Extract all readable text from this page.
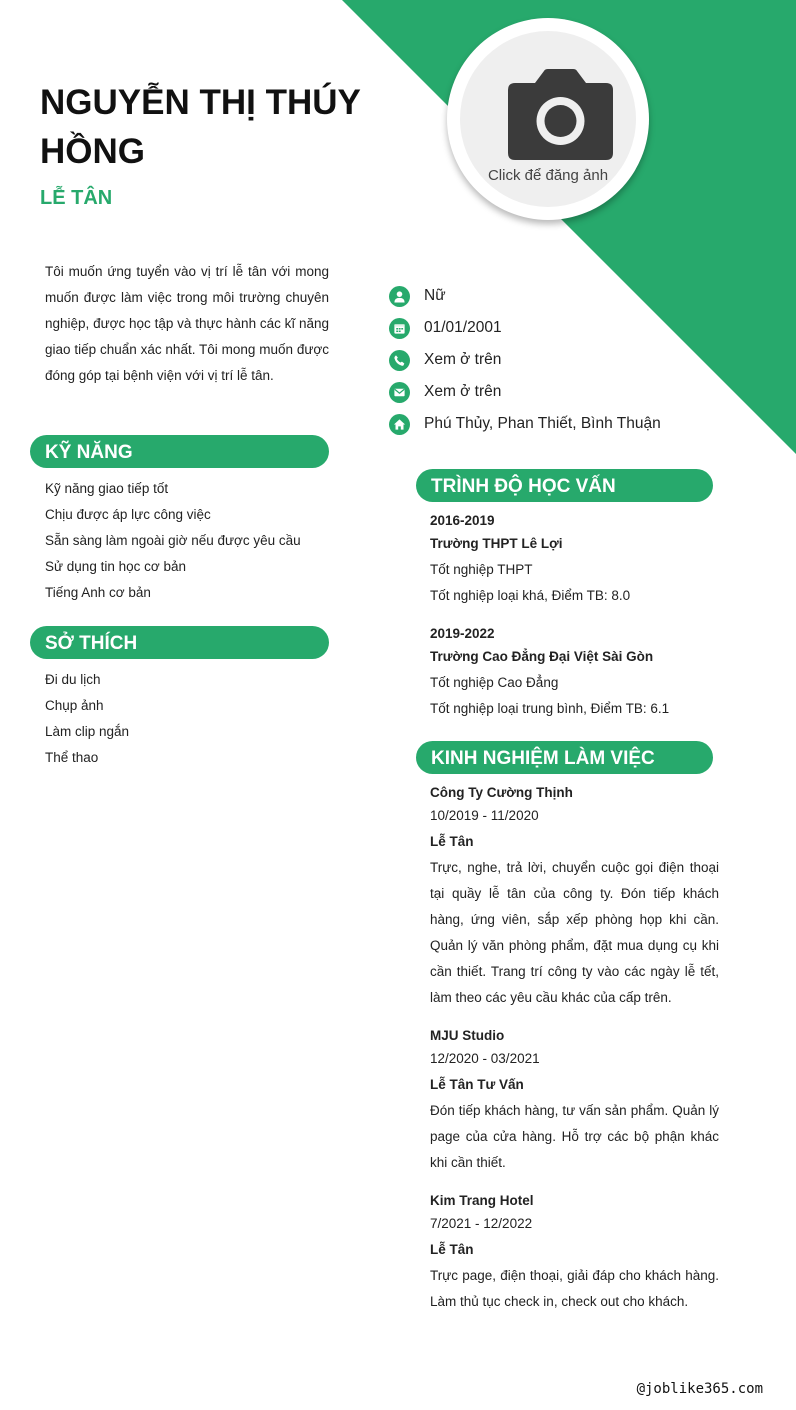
NGUYỄN THỊ THÚY HỒNG
LỄ TÂN
Click để đăng ảnh

Tôi muốn ứng tuyển vào vị trí lễ tân với mong muốn được làm việc trong môi trường chuyên nghiệp, được học tập và thực hành các kĩ năng giao tiếp chuẩn xác nhất. Tôi mong muốn được đóng góp tại bệnh viện với vị trí lễ tân.

Nữ
01/01/2001
Xem ở trên
Xem ở trên
Phú Thủy, Phan Thiết, Bình Thuận
KỸ NĂNG
Kỹ năng giao tiếp tốt
Chịu được áp lực công việc
Sẵn sàng làm ngoài giờ nếu được yêu cầu
Sử dụng tin học cơ bản
Tiếng Anh cơ bản
SỞ THÍCH
Đi du lịch
Chụp ảnh
Làm clip ngắn
Thể thao
TRÌNH ĐỘ HỌC VẤN
2016-2019
Trường THPT Lê Lợi
Tốt nghiệp THPT
Tốt nghiệp loại khá, Điểm TB: 8.0
2019-2022
Trường Cao Đẳng Đại Việt Sài Gòn
Tốt nghiệp Cao Đẳng
Tốt nghiệp loại trung bình, Điểm TB: 6.1
KINH NGHIỆM LÀM VIỆC
Công Ty Cường Thịnh
10/2019 - 11/2020
Lễ Tân
Trực, nghe, trả lời, chuyển cuộc gọi điện thoại tại quầy lễ tân của công ty. Đón tiếp khách hàng, ứng viên, sắp xếp phòng họp khi cần. Quản lý văn phòng phẩm, đặt mua dụng cụ khi cần thiết. Trang trí công ty vào các ngày lễ tết, làm theo các yêu cầu khác của cấp trên.
MJU Studio
12/2020 - 03/2021
Lễ Tân Tư Vấn
Đón tiếp khách hàng, tư vấn sản phẩm. Quản lý page của cửa hàng. Hỗ trợ các bộ phận khác khi cần thiết.
Kim Trang Hotel
7/2021 - 12/2022
Lễ Tân
Trực page, điện thoại, giải đáp cho khách hàng. Làm thủ tục check in, check out cho khách.
@joblike365.com
